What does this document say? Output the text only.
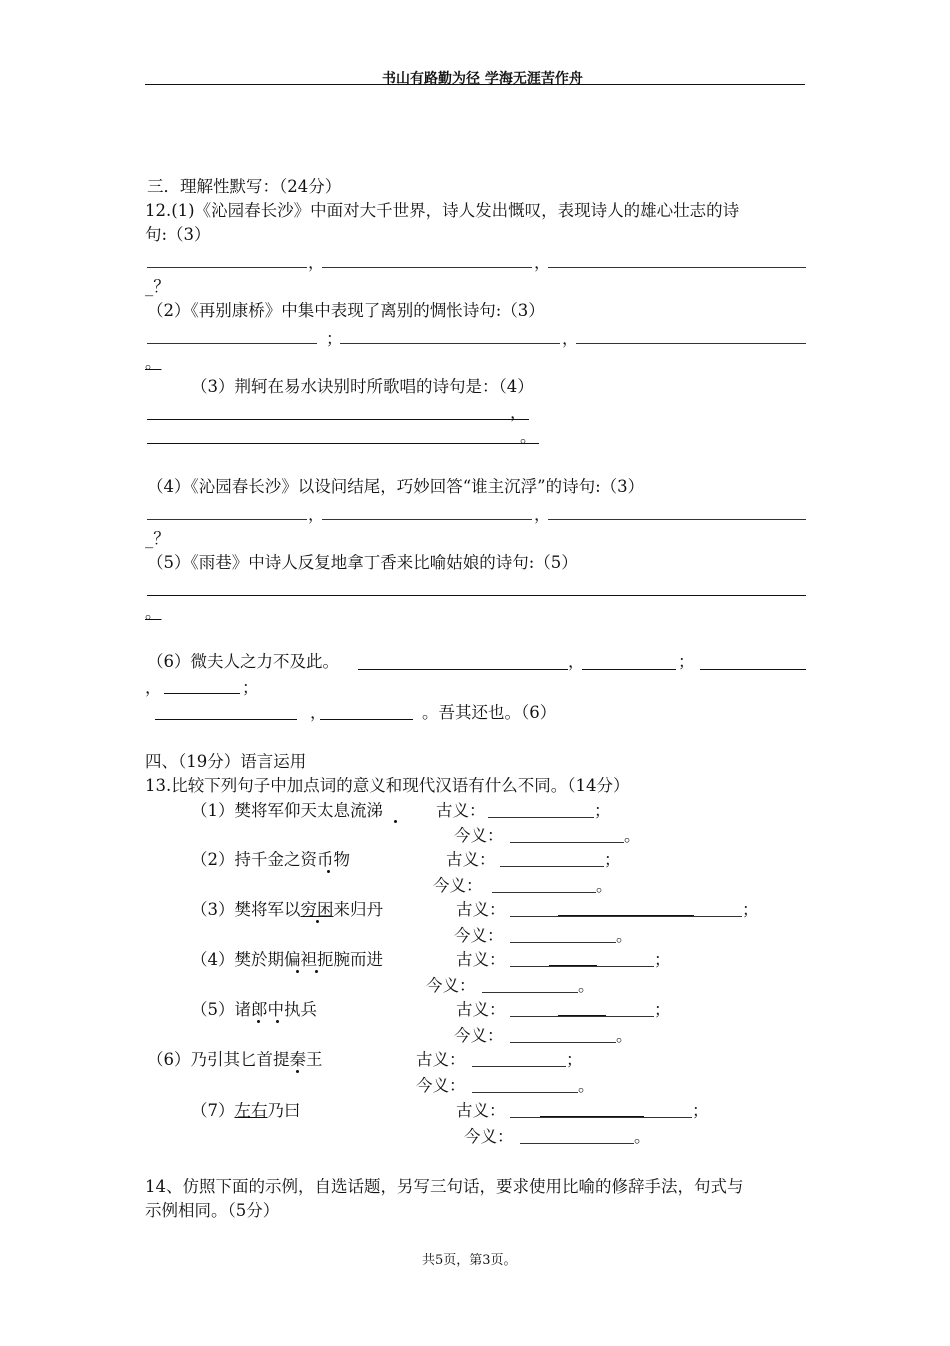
书山有路勤为径 学海无涯苦作舟
三．理解性默写：（24分）
12.(1)《沁园春长沙》中面对大千世界，诗人发出慨叹，表现诗人的雄心壮志的诗
句:（3）
，	，
_？
（2）《再别康桥》中集中表现了离别的惆怅诗句:（3）
；	，
。
（3）荆轲在易水诀别时所歌唱的诗句是：（4）
，
。
（4）《沁园春长沙》以设问结尾，巧妙回答“谁主沉浮”的诗句:（3）
，	，
_？
（5）《雨巷》中诗人反复地拿丁香来比喻姑娘的诗句:（5）
。
（6）微夫人之力不及此。	，	；
，	；
，	。吾其还也。（6）
四、（19分）语言运用
13.比较下列句子中加点词的意义和现代汉语有什么不同。（14分）
（1）樊将军仰天太息流涕	古义：	；
今义：	。
（2）持千金之资币物	古义：	；
今义：	。
（3）樊将军以穷困来归丹	古义：	；
今义：	。
（4）樊於期偏袒扼腕而进	古义：	；
今义：	。
（5）诸郎中执兵	古义：	；
今义：	。
（6）乃引其匕首提秦王	古义：	；
今义：	。
（7）左右乃曰	古义：	；
今义：	。
14、仿照下面的示例，自选话题，另写三句话，要求使用比喻的修辞手法，句式与
示例相同。（5分）
共5页，第3页。
